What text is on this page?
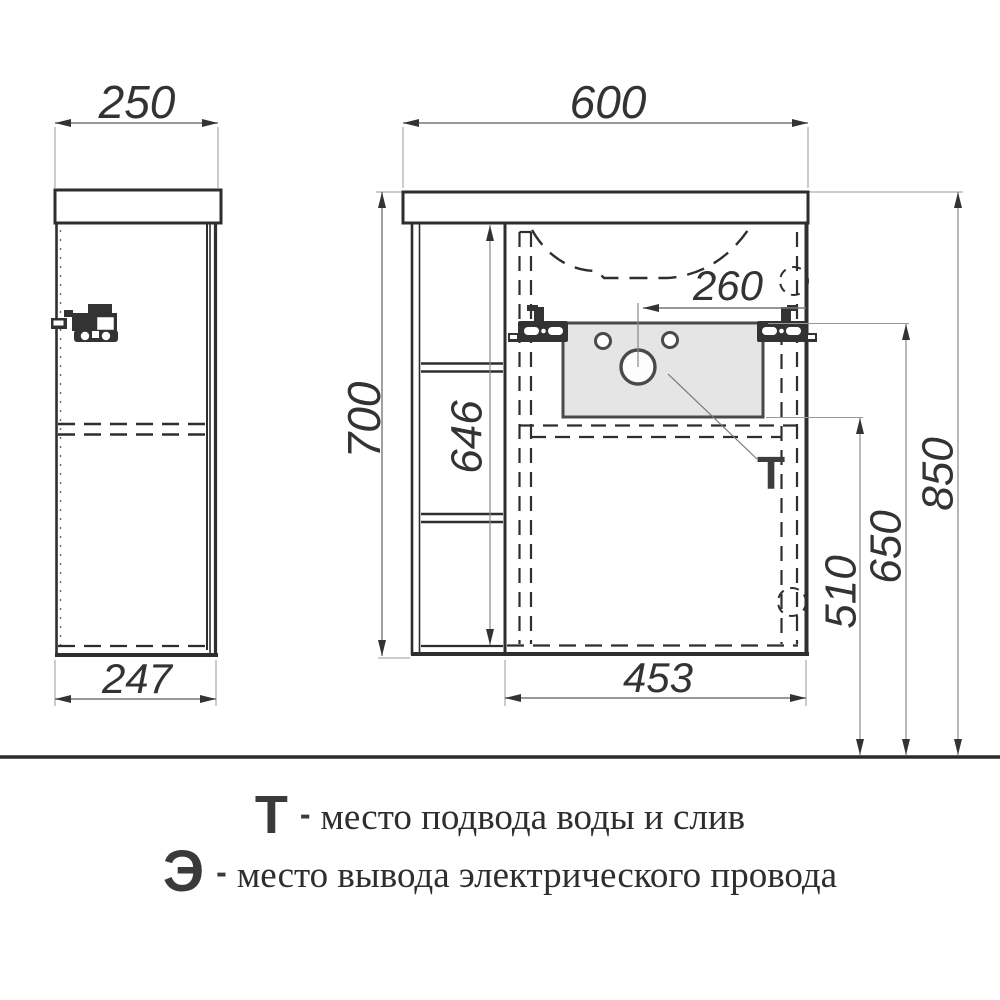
250
247
600
260
Т
700 646
453
510
650
850
Т - место подвода воды и слив
Э - место вывода электрического провода
